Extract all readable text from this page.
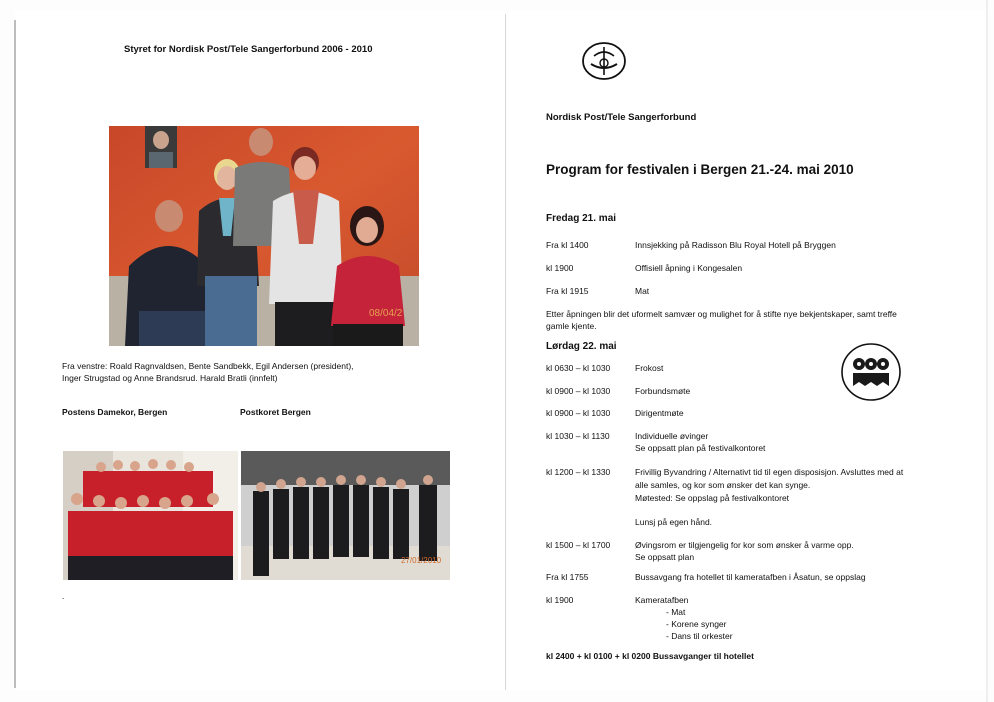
Styret for Nordisk Post/Tele Sangerforbund 2006 - 2010
08/04/2
Fra venstre: Roald Ragnvaldsen, Bente Sandbekk, Egil Andersen (president),
Inger Strugstad og Anne Brandsrud. Harald Bratli (innfelt)
Postens Damekor, Bergen	Postkoret Bergen
27/01/2010
.
Nordisk Post/Tele Sangerforbund
Program for festivalen i Bergen 21.-24. mai 2010
Fredag 21. mai
Fra kl 1400	Innsjekking på Radisson Blu Royal Hotell på Bryggen
kl 1900	Offisiell åpning i Kongesalen
Fra kl 1915	Mat
Etter åpningen blir det uformelt samvær og mulighet for å stifte nye bekjentskaper, samt treffe
gamle kjente.
Lørdag 22. mai
kl 0630 – kl 1030	Frokost
kl 0900 – kl 1030	Forbundsmøte
kl 0900 – kl 1030	Dirigentmøte
kl 1030 – kl 1130	Individuelle øvinger
Se oppsatt plan på festivalkontoret
kl 1200 – kl 1330	Frivillig Byvandring / Alternativt tid til egen disposisjon. Avsluttes med at
alle samles, og kor som ønsker det kan synge.
Møtested: Se oppslag på festivalkontoret
Lunsj på egen hånd.
kl 1500 – kl 1700	Øvingsrom er tilgjengelig for kor som ønsker å varme opp.
Se oppsatt plan
Fra kl 1755	Bussavgang fra hotellet til kameratafben i Åsatun, se oppslag
kl 1900	Kameratafben
- Mat
- Korene synger
- Dans til orkester
kl 2400 + kl 0100 + kl 0200 Bussavganger til hotellet
